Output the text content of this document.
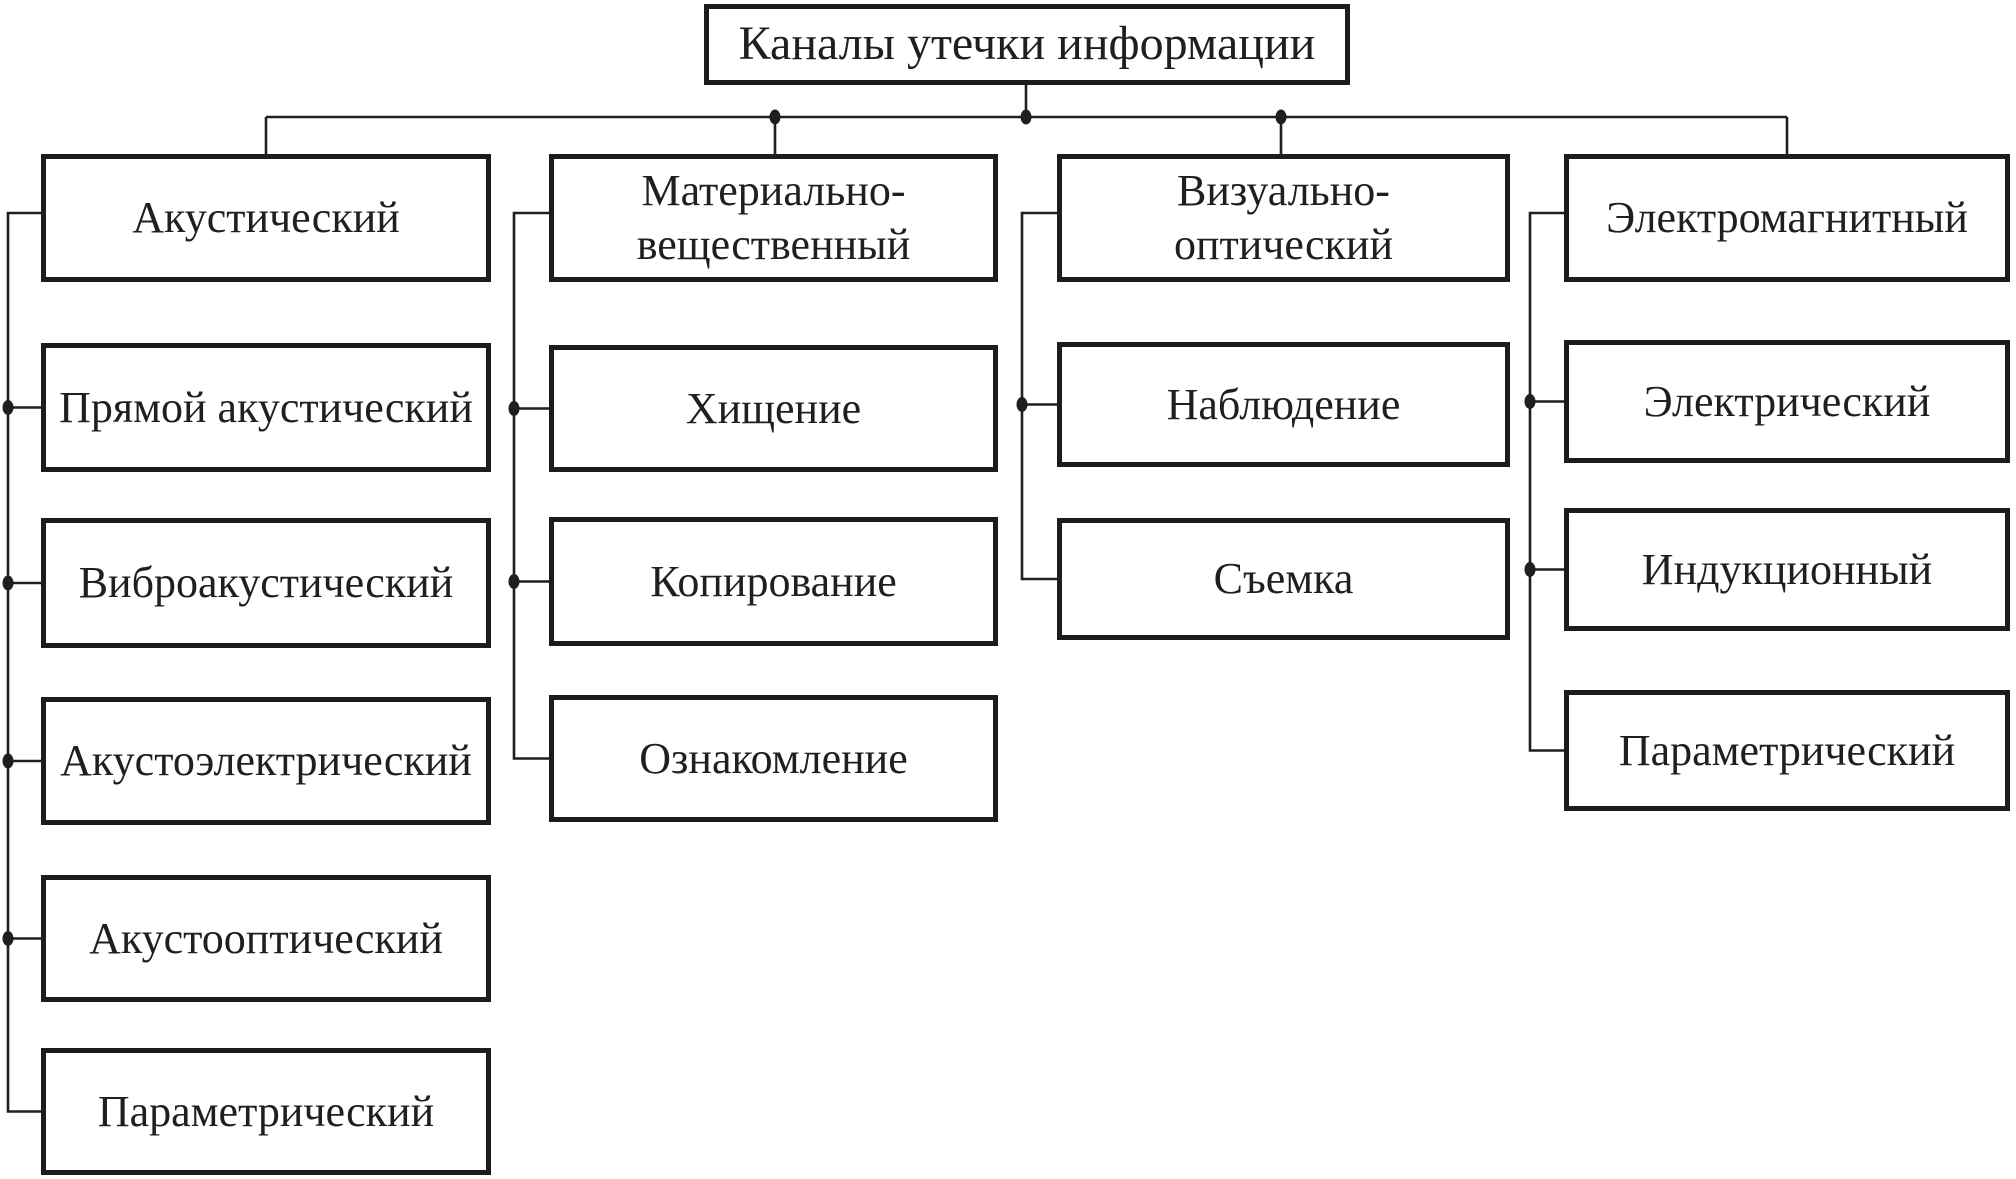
Каналы утечки информации
Акустический
Прямой акустический
Виброакустический
Акустоэлектрический
Акустооптический
Параметрический
Материально-
вещественный
Хищение
Копирование
Ознакомление
Визуально-
оптический
Наблюдение
Съемка
Электромагнитный
Электрический
Индукционный
Параметрический
